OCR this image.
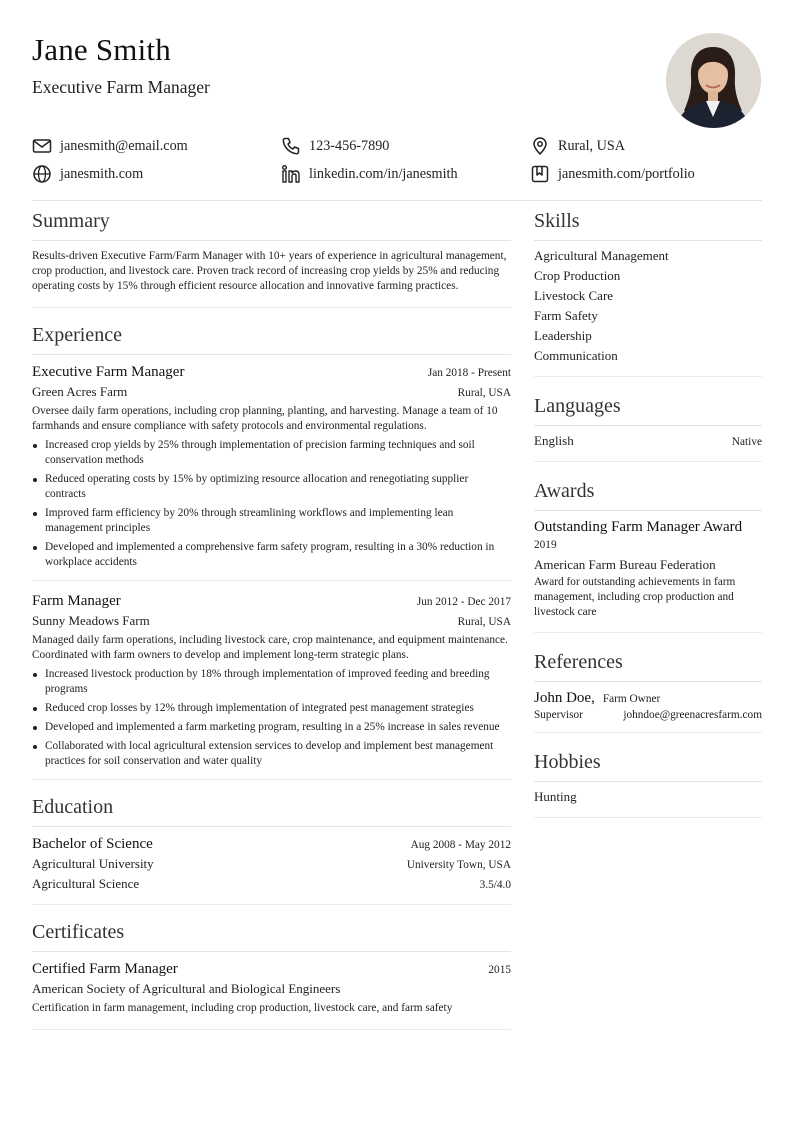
Jane Smith
Executive Farm Manager
janesmith@email.com	123-456-7890	Rural, USA
janesmith.com	linkedin.com/in/janesmith	janesmith.com/portfolio
Summary
Results-driven Executive Farm/Farm Manager with 10+ years of experience in agricultural management, crop production, and livestock care. Proven track record of increasing crop yields by 25% and reducing operating costs by 15% through efficient resource allocation and innovative farming practices.
Experience
Executive Farm Manager	Jan 2018 - Present
Green Acres Farm	Rural, USA
Oversee daily farm operations, including crop planning, planting, and harvesting. Manage a team of 10 farmhands and ensure compliance with safety protocols and environmental regulations.
Increased crop yields by 25% through implementation of precision farming techniques and soil conservation methods
Reduced operating costs by 15% by optimizing resource allocation and renegotiating supplier contracts
Improved farm efficiency by 20% through streamlining workflows and implementing lean management principles
Developed and implemented a comprehensive farm safety program, resulting in a 30% reduction in workplace accidents
Farm Manager	Jun 2012 - Dec 2017
Sunny Meadows Farm	Rural, USA
Managed daily farm operations, including livestock care, crop maintenance, and equipment maintenance. Coordinated with farm owners to develop and implement long-term strategic plans.
Increased livestock production by 18% through implementation of improved feeding and breeding programs
Reduced crop losses by 12% through implementation of integrated pest management strategies
Developed and implemented a farm marketing program, resulting in a 25% increase in sales revenue
Collaborated with local agricultural extension services to develop and implement best management practices for soil conservation and water quality
Education
Bachelor of Science	Aug 2008 - May 2012
Agricultural University	University Town, USA
Agricultural Science	3.5/4.0
Certificates
Certified Farm Manager	2015
American Society of Agricultural and Biological Engineers
Certification in farm management, including crop production, livestock care, and farm safety
Skills
Agricultural Management
Crop Production
Livestock Care
Farm Safety
Leadership
Communication
Languages
English	Native
Awards
Outstanding Farm Manager Award
2019
American Farm Bureau Federation
Award for outstanding achievements in farm management, including crop production and livestock care
References
John Doe, Farm Owner
Supervisor	johndoe@greenacresfarm.com
Hobbies
Hunting
